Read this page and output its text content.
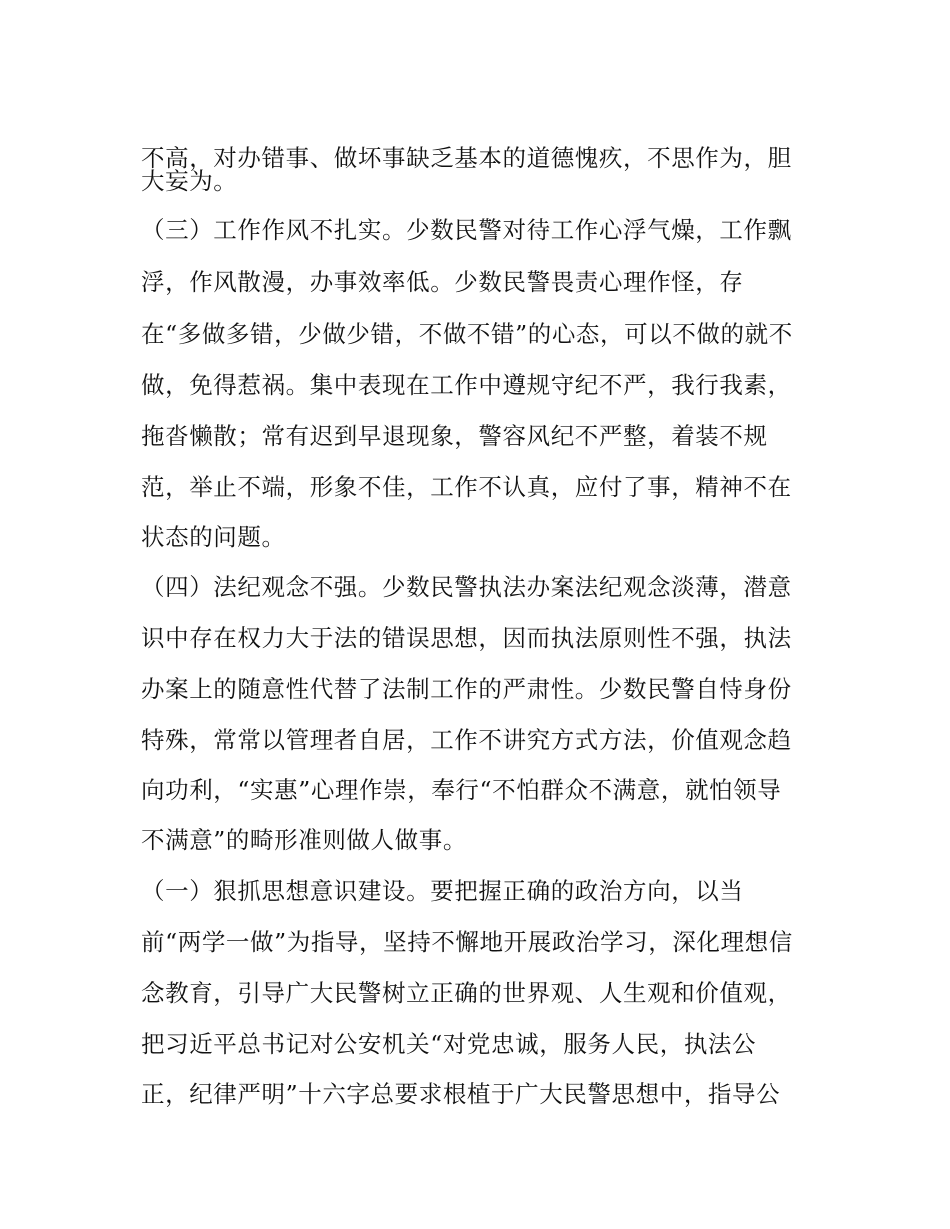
不高，对办错事、做坏事缺乏基本的道德愧疚，不思作为，胆
大妄为。
（三）工作作风不扎实。少数民警对待工作心浮气燥，工作飘
浮，作风散漫，办事效率低。少数民警畏责心理作怪，存
在“多做多错，少做少错，不做不错”的心态，可以不做的就不
做，免得惹祸。集中表现在工作中遵规守纪不严，我行我素，
拖沓懒散；常有迟到早退现象，警容风纪不严整，着装不规
范，举止不端，形象不佳，工作不认真，应付了事，精神不在
状态的问题。
（四）法纪观念不强。少数民警执法办案法纪观念淡薄，潜意
识中存在权力大于法的错误思想，因而执法原则性不强，执法
办案上的随意性代替了法制工作的严肃性。少数民警自恃身份
特殊，常常以管理者自居，工作不讲究方式方法，价值观念趋
向功利，“实惠”心理作崇，奉行“不怕群众不满意，就怕领导
不满意”的畸形准则做人做事。
（一）狠抓思想意识建设。要把握正确的政治方向，以当
前“两学一做”为指导，坚持不懈地开展政治学习，深化理想信
念教育，引导广大民警树立正确的世界观、人生观和价值观，
把习近平总书记对公安机关“对党忠诚，服务人民，执法公
正，纪律严明”十六字总要求根植于广大民警思想中，指导公
